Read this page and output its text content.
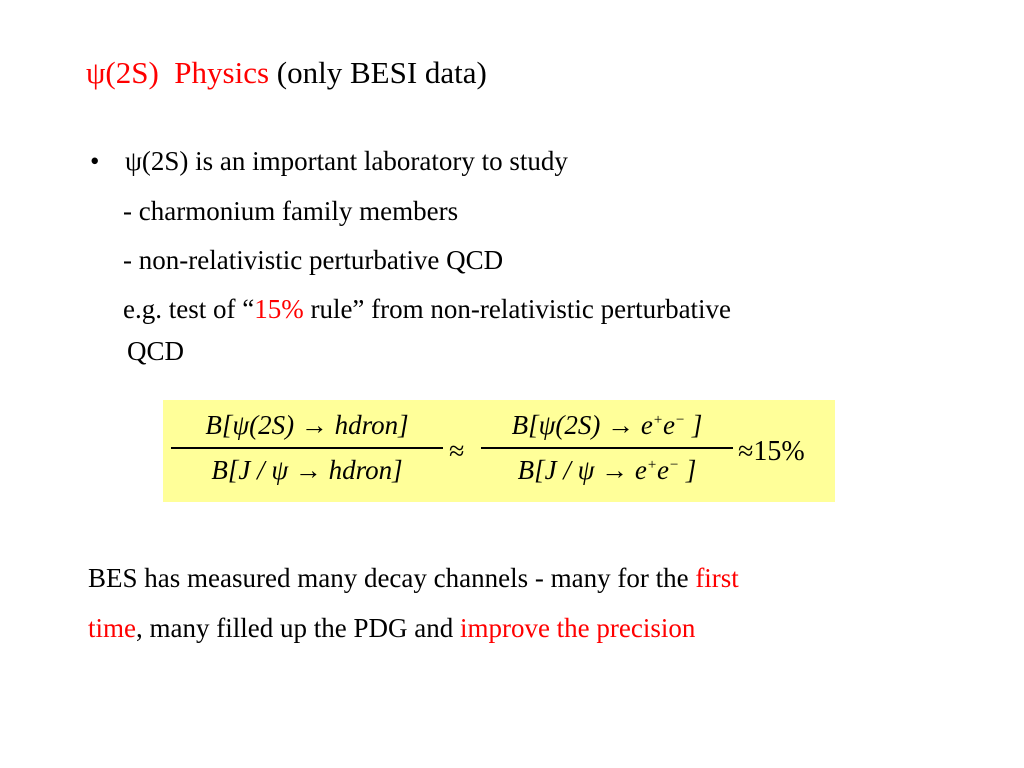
ψ(2S) Physics (only BESI data)
• ψ(2S) is an important laboratory to study
- charmonium family members
- non-relativistic perturbative QCD
e.g. test of “15% rule” from non-relativistic perturbative
QCD
B[ψ(2S) → hdron]
B[J / ψ → hdron]
≈
B[ψ(2S) → e+e− ]
B[J / ψ → e+e− ]
≈15%
BES has measured many decay channels - many for the first
time, many filled up the PDG and improve the precision
